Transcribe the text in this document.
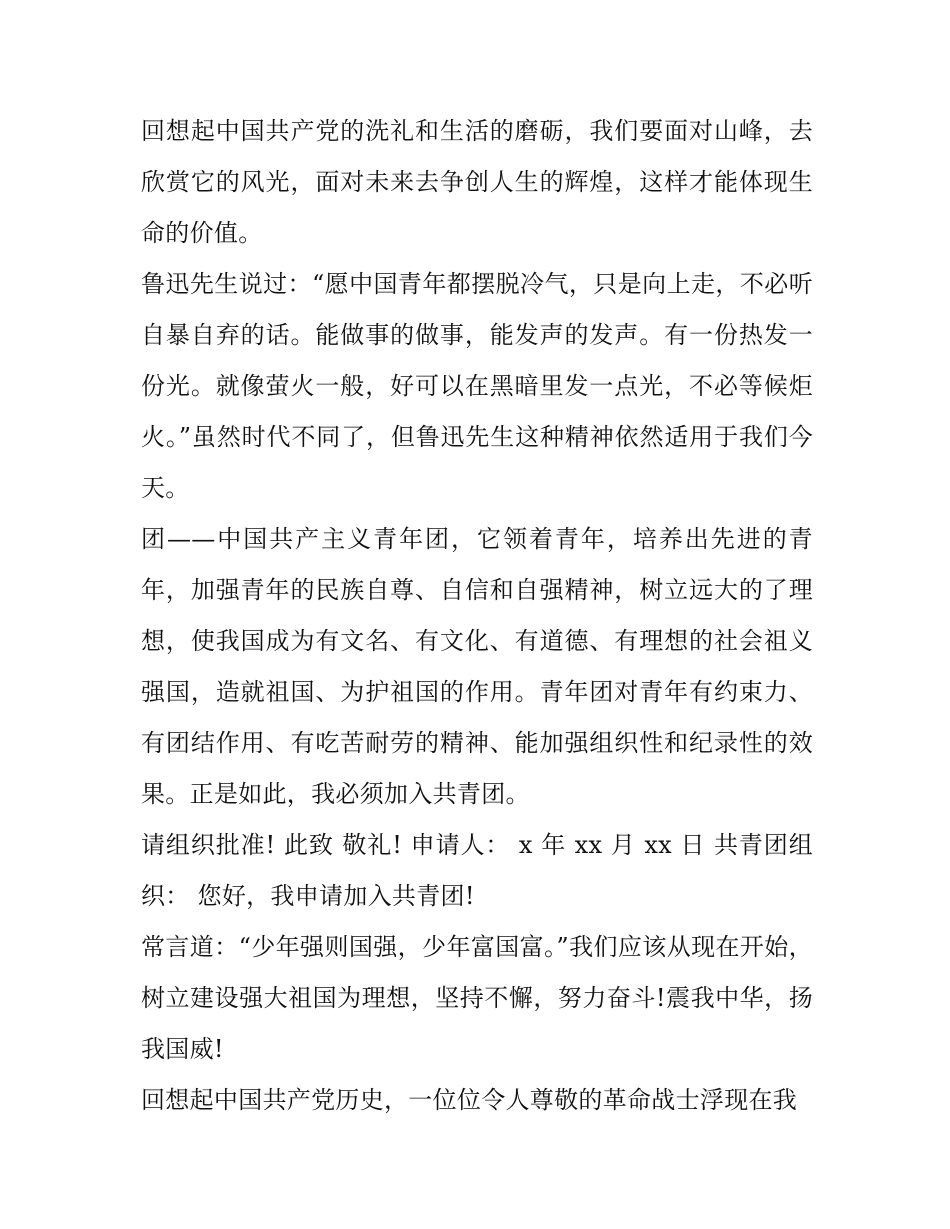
回想起中国共产党的洗礼和生活的磨砺，我们要面对山峰，去欣赏它的风光，面对未来去争创人生的辉煌，这样才能体现生命的价值。

鲁迅先生说过：“愿中国青年都摆脱冷气，只是向上走，不必听自暴自弃的话。能做事的做事，能发声的发声。有一份热发一份光。就像萤火一般，好可以在黑暗里发一点光，不必等候炬火。”虽然时代不同了，但鲁迅先生这种精神依然适用于我们今天。

团——中国共产主义青年团，它领着青年，培养出先进的青年，加强青年的民族自尊、自信和自强精神，树立远大的了理想，使我国成为有文名、有文化、有道德、有理想的社会祖义强国，造就祖国、为护祖国的作用。青年团对青年有约束力、有团结作用、有吃苦耐劳的精神、能加强组织性和纪录性的效果。正是如此，我必须加入共青团。

请组织批准! 此致 敬礼! 申请人： x 年 xx 月 xx 日 共青团组织： 您好，我申请加入共青团!

常言道：“少年强则国强，少年富国富。”我们应该从现在开始，树立建设强大祖国为理想，坚持不懈，努力奋斗!震我中华，扬我国威!

回想起中国共产党历史，一位位令人尊敬的革命战士浮现在我
